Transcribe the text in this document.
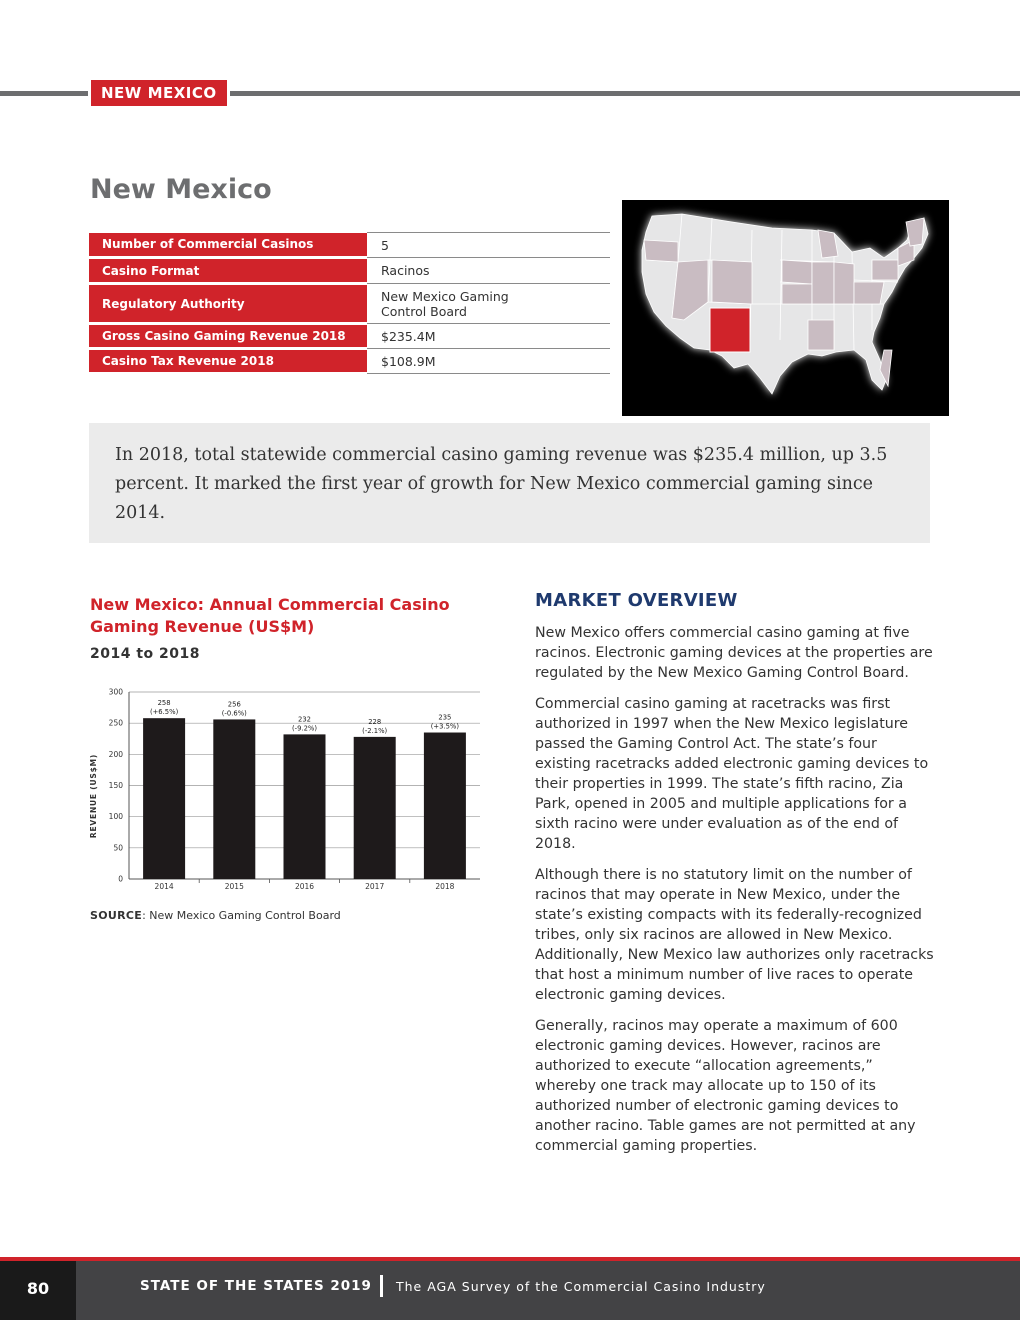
NEW MEXICO
New Mexico
Number of Commercial Casinos	5
Casino Format	Racinos
Regulatory Authority	New Mexico Gaming
Control Board

Gross Casino Gaming Revenue 2018	$235.4M
Casino Tax Revenue 2018	$108.9M

In 2018, total statewide commercial casino gaming revenue was $235.4 million, up 3.5 percent. It marked the first year of growth for New Mexico commercial gaming since 2014.

New Mexico: Annual Commercial Casino Gaming Revenue (US$M)
2014 to 2018
0
50
100
150
200
250
300
2014
258
(+6.5%)
2015
256
(-0.6%)
2016
232
(-9.2%)
2017
228
(-2.1%)
2018
235
(+3.5%)
REVENUE (US$M)
SOURCE: New Mexico Gaming Control Board
MARKET OVERVIEW

New Mexico offers commercial casino gaming at five racinos. Electronic gaming devices at the properties are regulated by the New Mexico Gaming Control Board.

Commercial casino gaming at racetracks was first authorized in 1997 when the New Mexico legislature passed the Gaming Control Act. The state’s four existing racetracks added electronic gaming devices to their properties in 1999. The state’s fifth racino, Zia Park, opened in 2005 and multiple applications for a sixth racino were under evaluation as of the end of 2018.

Although there is no statutory limit on the number of racinos that may operate in New Mexico, under the state’s existing compacts with its federally-recognized tribes, only six racinos are allowed in New Mexico. Additionally, New Mexico law authorizes only racetracks that host a minimum number of live races to operate electronic gaming devices.

Generally, racinos may operate a maximum of 600 electronic gaming devices. However, racinos are authorized to execute “allocation agreements,” whereby one track may allocate up to 150 of its authorized number of electronic gaming devices to another racino. Table games are not permitted at any commercial gaming properties.

80	STATE OF THE STATES 2019 The AGA Survey of the Commercial Casino Industry
